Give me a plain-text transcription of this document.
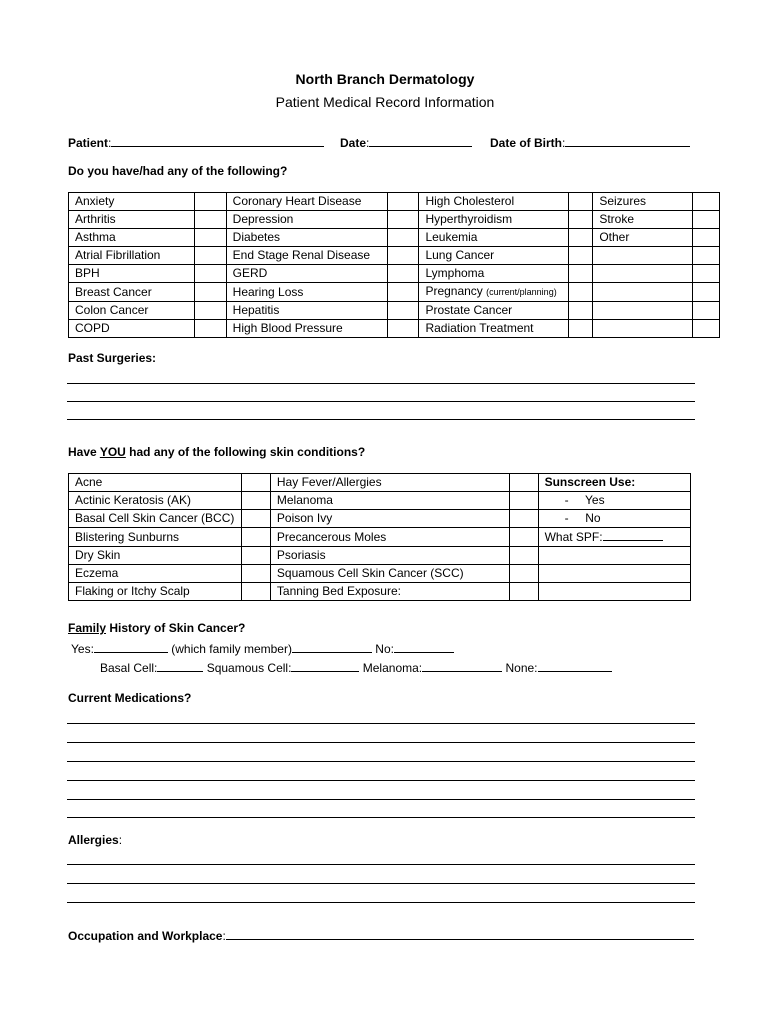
North Branch Dermatology
Patient Medical Record Information
Patient:	Date:	Date of Birth:
Do you have/had any of the following?
Anxiety		Coronary Heart Disease		High Cholesterol		Seizures	
Arthritis		Depression		Hyperthyroidism		Stroke	
Asthma		Diabetes		Leukemia		Other	
Atrial Fibrillation		End Stage Renal Disease		Lung Cancer			
BPH		GERD		Lymphoma			
Breast Cancer		Hearing Loss		Pregnancy (current/planning)			
Colon Cancer		Hepatitis		Prostate Cancer			
COPD		High Blood Pressure		Radiation Treatment			
Past Surgeries:
Have YOU had any of the following skin conditions?
Acne		Hay Fever/Allergies		Sunscreen Use:
Actinic Keratosis (AK)		Melanoma		-     Yes
Basal Cell Skin Cancer (BCC)		Poison Ivy		-     No
Blistering Sunburns		Precancerous Moles		What SPF:
Dry Skin		Psoriasis		
Eczema		Squamous Cell Skin Cancer (SCC)		
Flaking or Itchy Scalp		Tanning Bed Exposure:		
Family History of Skin Cancer?
Yes:	(which family member)	No:
Basal Cell:	Squamous Cell:	Melanoma:	None:
Current Medications?
Allergies:
Occupation and Workplace:
